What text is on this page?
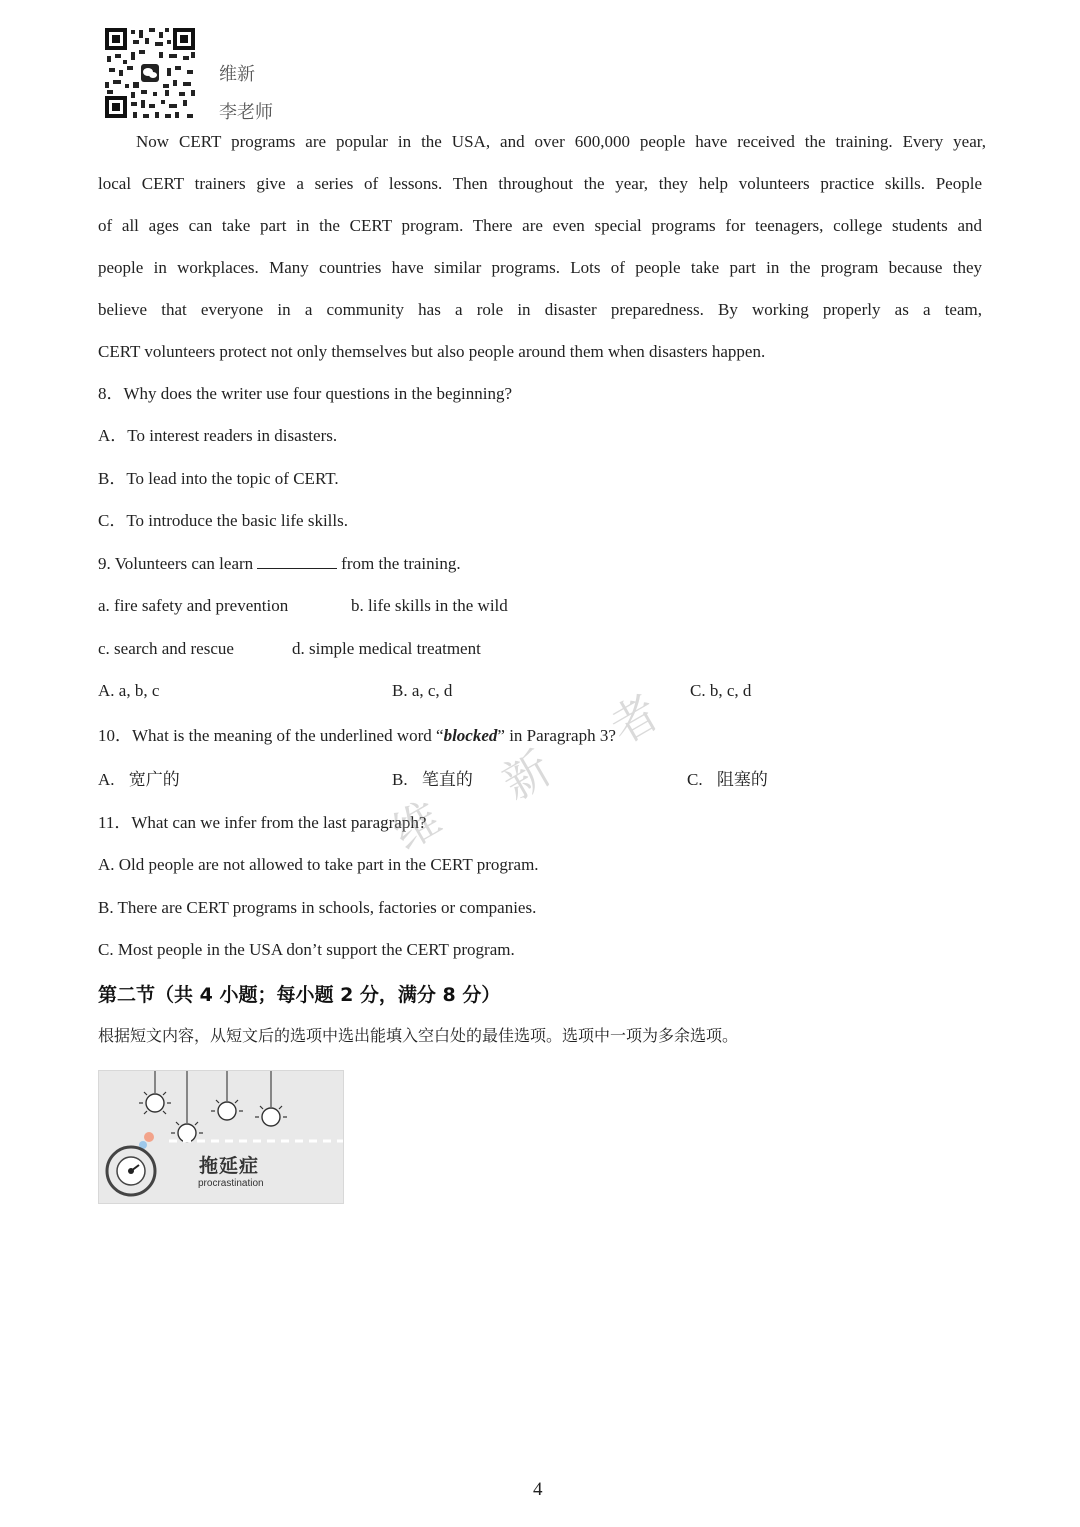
维新
李老师
Now CERT programs are popular in the USA, and over 600,000 people have received the training. Every year,
local CERT trainers give a series of lessons. Then throughout the year, they help volunteers practice skills. People
of all ages can take part in the CERT program. There are even special programs for teenagers, college students and
people in workplaces. Many countries have similar programs. Lots of people take part in the program because they
believe that everyone in a community has a role in disaster preparedness. By working properly as a team,
CERT volunteers protect not only themselves but also people around them when disasters happen.
8．Why does the writer use four questions in the beginning?
A．To interest readers in disasters.
B．To lead into the topic of CERT.
C．To introduce the basic life skills.
9. Volunteers can learn	from the training.
a. fire safety and prevention	b. life skills in the wild
c. search and rescue	d. simple medical treatment
A. a, b, c	B. a, c, d	C. b, c, d
10．What is the meaning of the underlined word “blocked” in Paragraph 3?
A. 宽广的	B. 笔直的	C. 阻塞的
11．What can we infer from the last paragraph?
A. Old people are not allowed to take part in the CERT program.
B. There are CERT programs in schools, factories or companies.
C. Most people in the USA don’t support the CERT program.
第二节（共 4 小题；每小题 2 分，满分 8 分）
根据短文内容，从短文后的选项中选出能填入空白处的最佳选项。选项中一项为多余选项。
拖延症
procrastination
维
新
者
4
